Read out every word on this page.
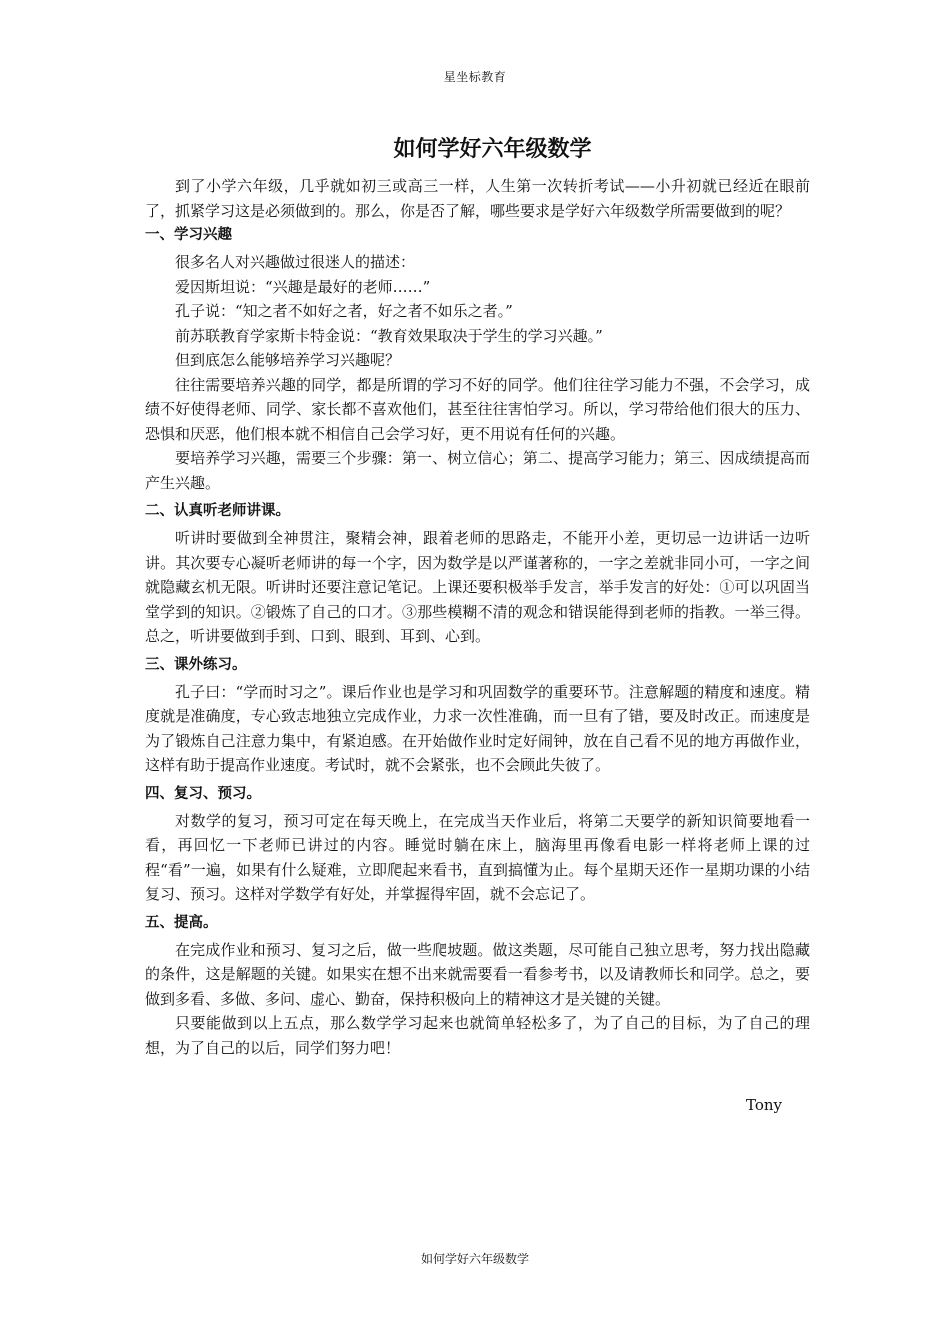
星坐标教育
如何学好六年级数学

到了小学六年级，几乎就如初三或高三一样，人生第一次转折考试——小升初就已经近在眼前了，抓紧学习这是必须做到的。那么，你是否了解，哪些要求是学好六年级数学所需要做到的呢？

一、学习兴趣

很多名人对兴趣做过很迷人的描述：

爱因斯坦说：“兴趣是最好的老师……”

孔子说：“知之者不如好之者，好之者不如乐之者。”

前苏联教育学家斯卡特金说：“教育效果取决于学生的学习兴趣。”

但到底怎么能够培养学习兴趣呢？

往往需要培养兴趣的同学，都是所谓的学习不好的同学。他们往往学习能力不强，不会学习，成绩不好使得老师、同学、家长都不喜欢他们，甚至往往害怕学习。所以，学习带给他们很大的压力、恐惧和厌恶，他们根本就不相信自己会学习好，更不用说有任何的兴趣。

要培养学习兴趣，需要三个步骤：第一、树立信心；第二、提高学习能力；第三、因成绩提高而产生兴趣。

二、认真听老师讲课。

听讲时要做到全神贯注，聚精会神，跟着老师的思路走，不能开小差，更切忌一边讲话一边听讲。其次要专心凝听老师讲的每一个字，因为数学是以严谨著称的，一字之差就非同小可，一字之间就隐藏玄机无限。听讲时还要注意记笔记。上课还要积极举手发言，举手发言的好处：①可以巩固当堂学到的知识。②锻炼了自己的口才。③那些模糊不清的观念和错误能得到老师的指教。一举三得。总之，听讲要做到手到、口到、眼到、耳到、心到。

三、课外练习。

孔子曰：“学而时习之”。课后作业也是学习和巩固数学的重要环节。注意解题的精度和速度。精度就是准确度，专心致志地独立完成作业，力求一次性准确，而一旦有了错，要及时改正。而速度是为了锻炼自己注意力集中，有紧迫感。在开始做作业时定好闹钟，放在自己看不见的地方再做作业，这样有助于提高作业速度。考试时，就不会紧张，也不会顾此失彼了。

四、复习、预习。

对数学的复习，预习可定在每天晚上，在完成当天作业后，将第二天要学的新知识简要地看一看，再回忆一下老师已讲过的内容。睡觉时躺在床上，脑海里再像看电影一样将老师上课的过程“看”一遍，如果有什么疑难，立即爬起来看书，直到搞懂为止。每个星期天还作一星期功课的小结复习、预习。这样对学数学有好处，并掌握得牢固，就不会忘记了。

五、提高。

在完成作业和预习、复习之后，做一些爬坡题。做这类题，尽可能自己独立思考，努力找出隐藏的条件，这是解题的关键。如果实在想不出来就需要看一看参考书，以及请教师长和同学。总之，要做到多看、多做、多问、虚心、勤奋，保持积极向上的精神这才是关键的关键。

只要能做到以上五点，那么数学学习起来也就简单轻松多了，为了自己的目标，为了自己的理想，为了自己的以后，同学们努力吧！

Tony
如何学好六年级数学
